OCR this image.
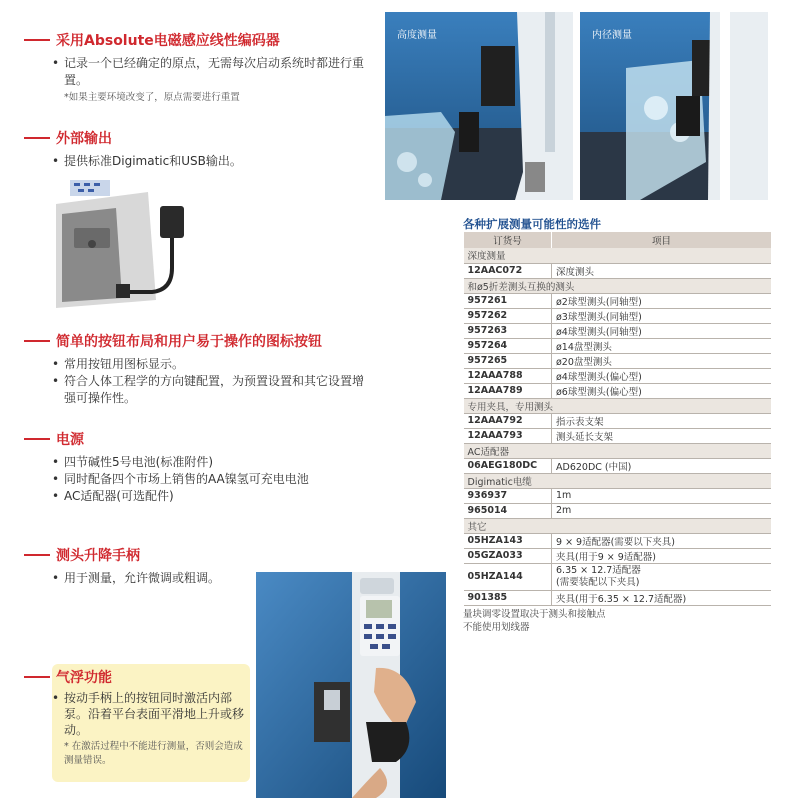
采用Absolute电磁感应线性编码器
• 记录一个已经确定的原点，无需每次启动系统时都进行重置。
*如果主要环境改变了，原点需要进行重置
外部输出
• 提供标准Digimatic和USB输出。
简单的按钮布局和用户易于操作的图标按钮
• 常用按钮用图标显示。
• 符合人体工程学的方向键配置，为预置设置和其它设置增强可操作性。
电源
• 四节碱性5号电池(标准附件)
• 同时配备四个市场上销售的AA镍氢可充电电池
• AC适配器(可选配件)
测头升降手柄
• 用于测量，允许微调或粗调。
气浮功能
• 按动手柄上的按钮同时激活内部泵。沿着平台表面平滑地上升或移动。
* 在激活过程中不能进行测量，否则会造成测量错误。
高度测量	内径测量
各种扩展测量可能性的选件
订货号	项目
深度测量	
12AAC072	深度测头
和ø5折差测头互换的测头	
957261	ø2球型测头(同轴型)
957262	ø3球型测头(同轴型)
957263	ø4球型测头(同轴型)
957264	ø14盘型测头
957265	ø20盘型测头
12AAA788	ø4球型测头(偏心型)
12AAA789	ø6球型测头(偏心型)
专用夹具，专用测头	
12AAA792	指示表支架
12AAA793	测头延长支架
AC适配器	
06AEG180DC	AD620DC (中国)
Digimatic电缆	
936937	1m
965014	2m
其它	
05HZA143	9 × 9适配器(需要以下夹具)
05GZA033	夹具(用于9 × 9适配器)
05HZA144	6.35 × 12.7适配器
(需要装配以下夹具)

901385	夹具(用于6.35 × 12.7适配器)
量块调零设置取决于测头和接触点
不能使用划线器
